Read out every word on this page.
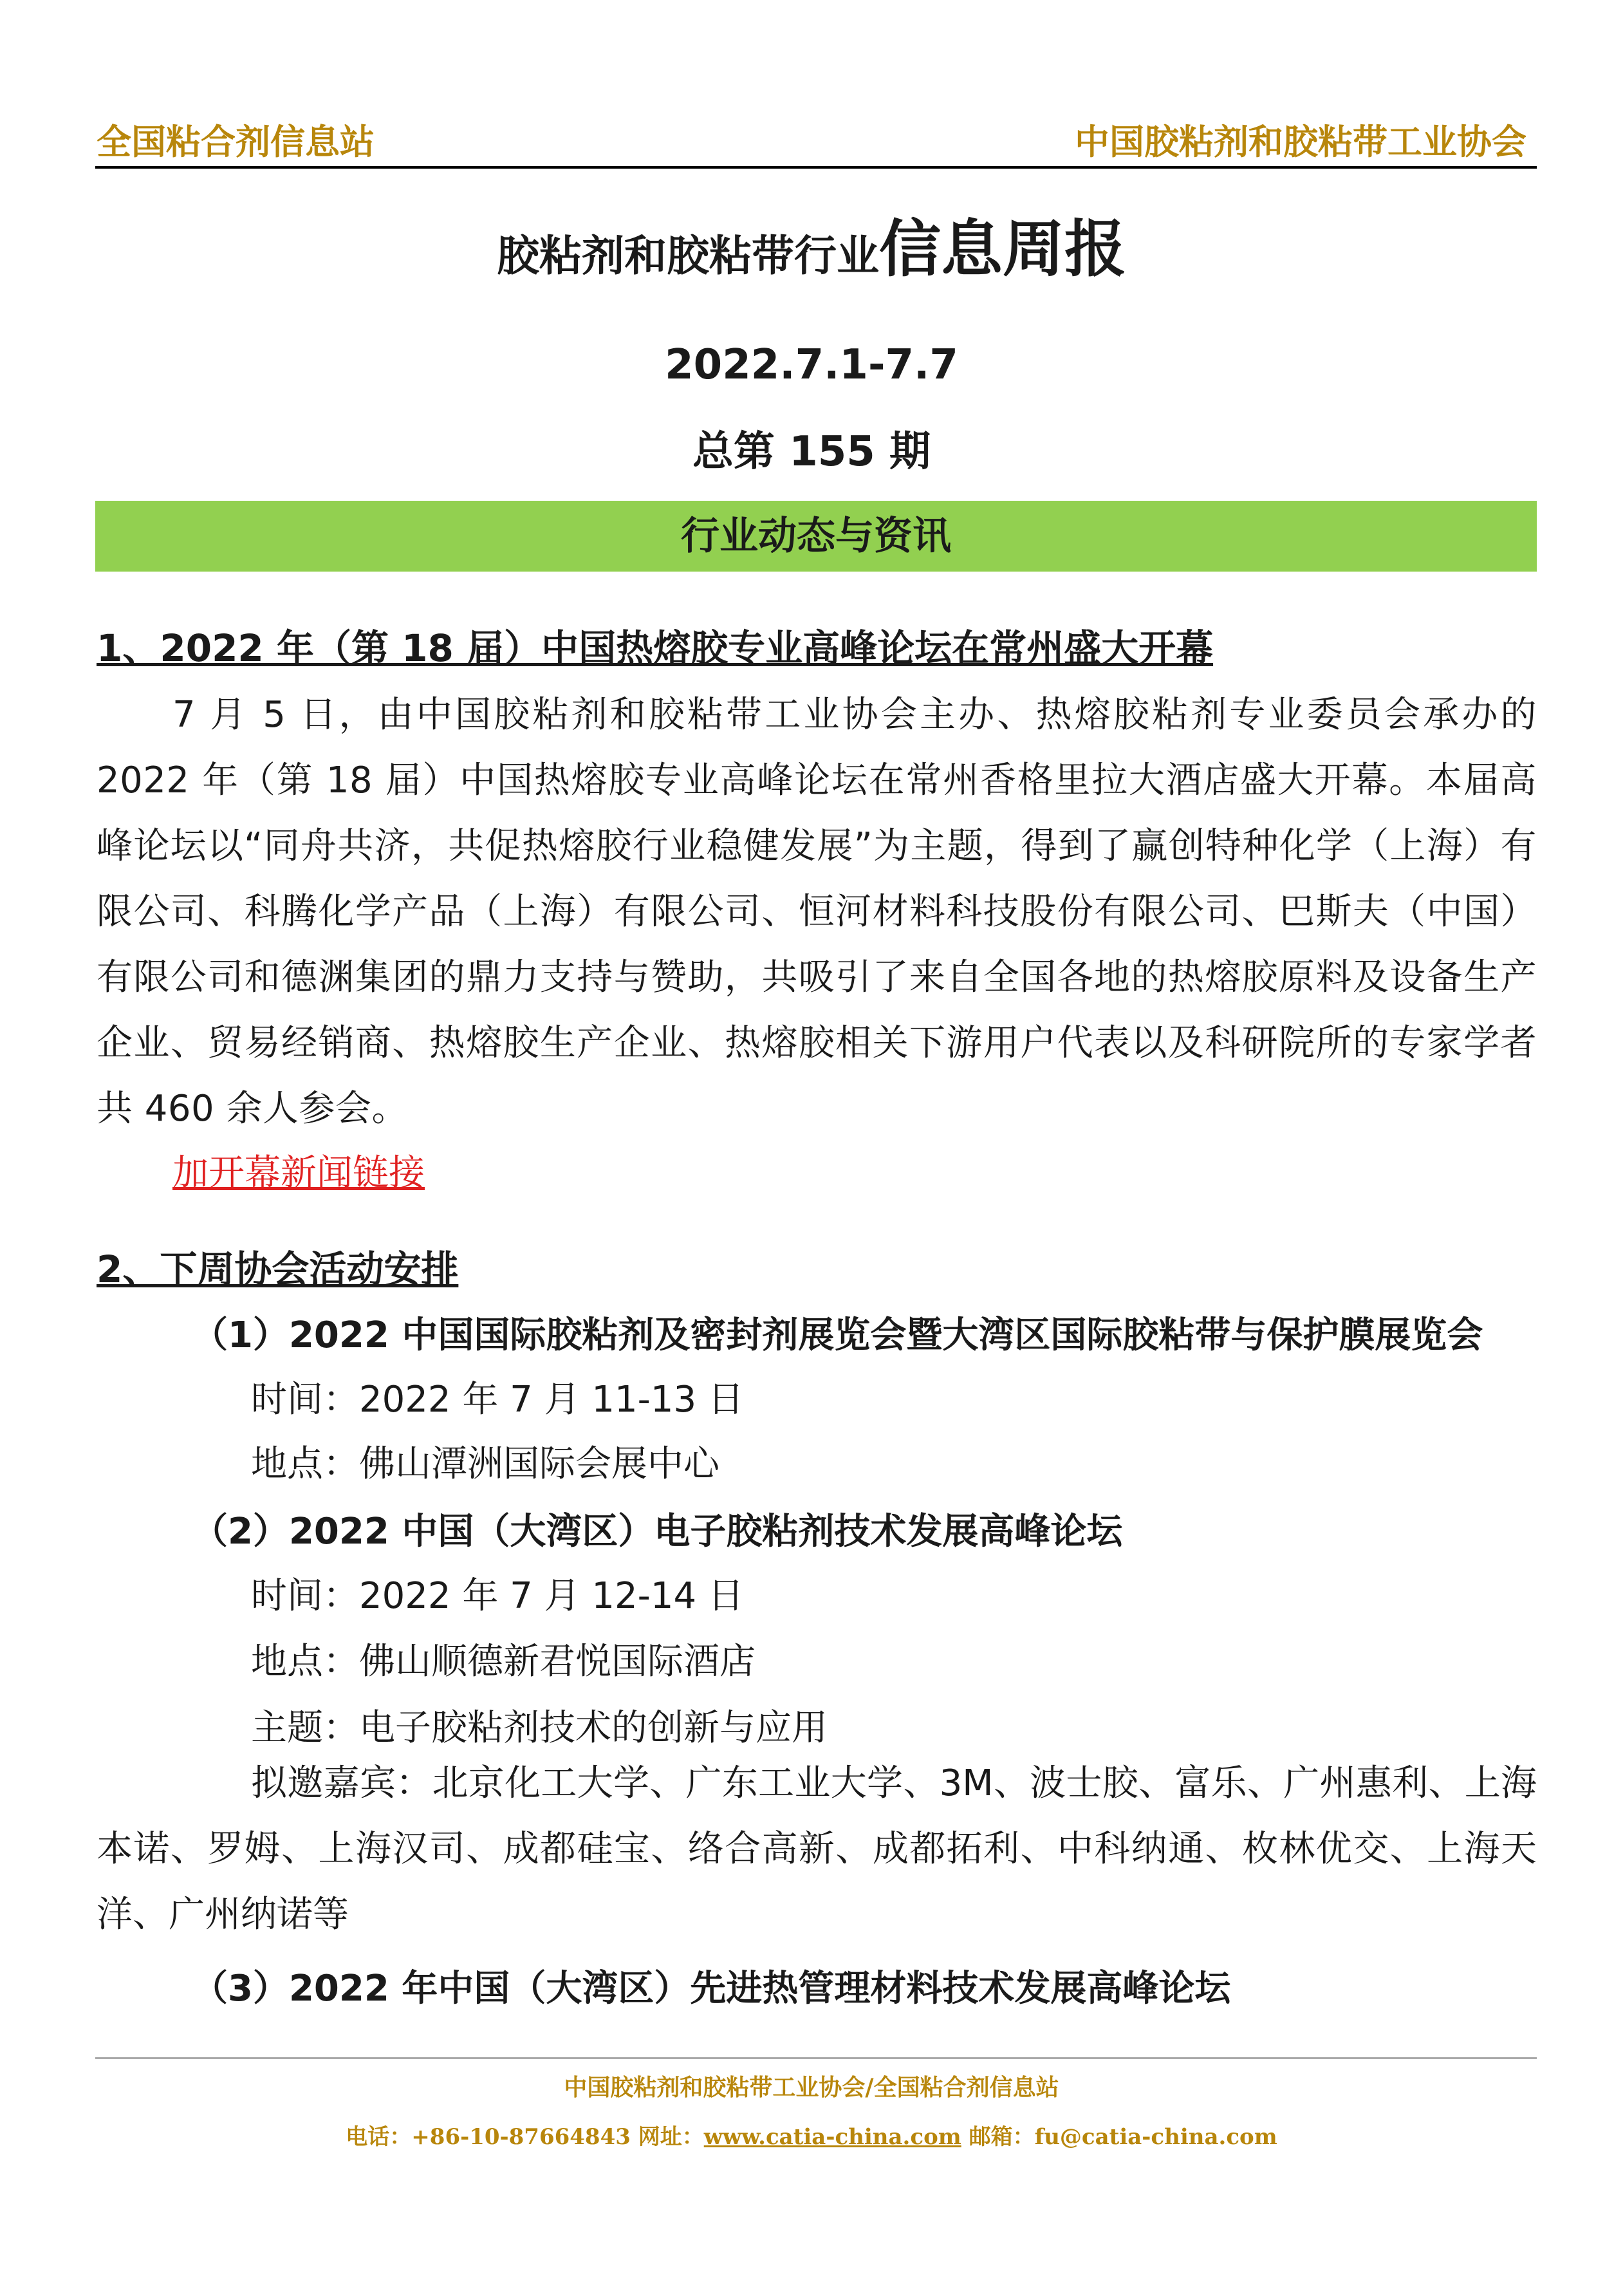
全国粘合剂信息站	中国胶粘剂和胶粘带工业协会
胶粘剂和胶粘带行业信息周报
2022.7.1-7.7
总第 155 期
行业动态与资讯
1、2022 年（第 18 届）中国热熔胶专业高峰论坛在常州盛大开幕
7 月 5 日，由中国胶粘剂和胶粘带工业协会主办、热熔胶粘剂专业委员会承办的 2022 年（第 18 届）中国热熔胶专业高峰论坛在常州香格里拉大酒店盛大开幕。本届高峰论坛以“同舟共济，共促热熔胶行业稳健发展”为主题，得到了赢创特种化学（上海）有限公司、科腾化学产品（上海）有限公司、恒河材料科技股份有限公司、巴斯夫（中国）有限公司和德渊集团的鼎力支持与赞助，共吸引了来自全国各地的热熔胶原料及设备生产企业、贸易经销商、热熔胶生产企业、热熔胶相关下游用户代表以及科研院所的专家学者共 460 余人参会。
加开幕新闻链接
2、下周协会活动安排
（1）2022 中国国际胶粘剂及密封剂展览会暨大湾区国际胶粘带与保护膜展览会
时间：2022 年 7 月 11-13 日
地点：佛山潭洲国际会展中心
（2）2022 中国（大湾区）电子胶粘剂技术发展高峰论坛
时间：2022 年 7 月 12-14 日
地点：佛山顺德新君悦国际酒店
主题：电子胶粘剂技术的创新与应用
拟邀嘉宾：北京化工大学、广东工业大学、3M、波士胶、富乐、广州惠利、上海本诺、罗姆、上海汉司、成都硅宝、络合高新、成都拓利、中科纳通、枚林优交、上海天洋、广州纳诺等
（3）2022 年中国（大湾区）先进热管理材料技术发展高峰论坛
中国胶粘剂和胶粘带工业协会/全国粘合剂信息站
电话：+86-10-87664843 网址：www.catia-china.com 邮箱：fu@catia-china.com
